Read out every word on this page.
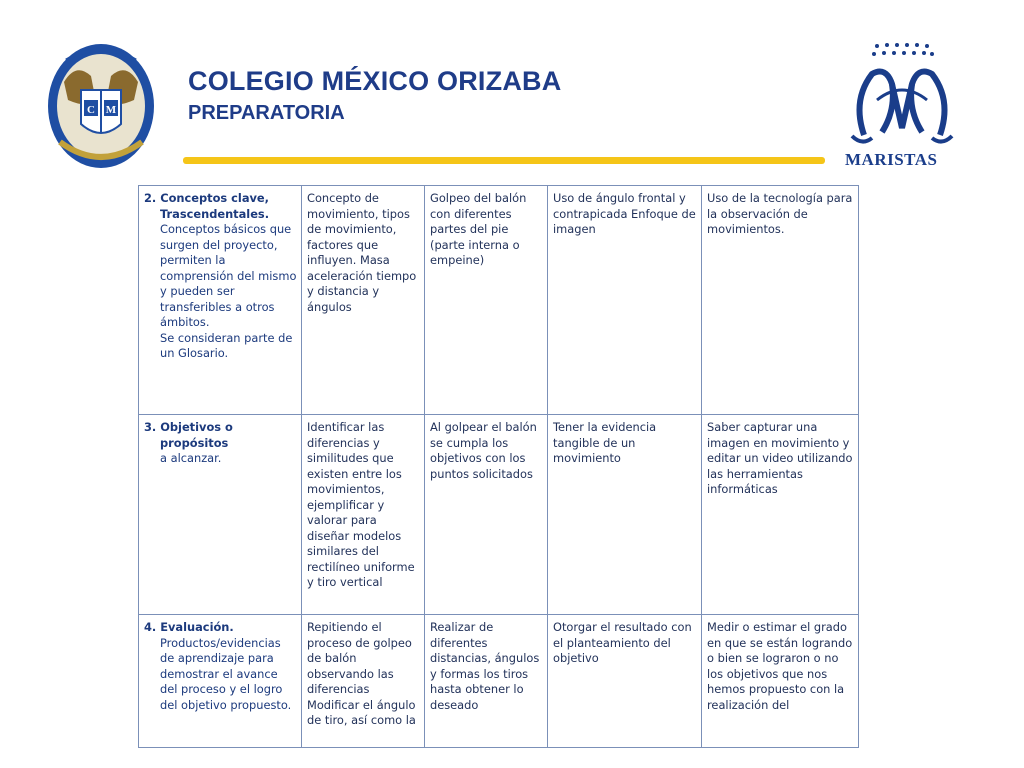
C M
COLEGIO MÉXICO ORIZABA
PREPARATORIA
MARISTAS
2. Conceptos clave,
Trascendentales.
Conceptos básicos que surgen del proyecto, permiten la comprensión del mismo y pueden ser transferibles a otros ámbitos.
Se consideran parte de un Glosario.	Concepto de movimiento, tipos de movimiento, factores que influyen. Masa aceleración tiempo y distancia y ángulos	Golpeo del balón con diferentes partes del pie (parte interna o empeine)	Uso de ángulo frontal y contrapicada Enfoque de imagen	Uso de la tecnología para la observación de movimientos.

3. Objetivos o
propósitos
a alcanzar.	Identificar las diferencias y similitudes que existen entre los movimientos, ejemplificar y valorar para diseñar modelos similares del rectilíneo uniforme y tiro vertical	Al golpear el balón se cumpla los objetivos con los puntos solicitados	Tener la evidencia tangible de un movimiento	Saber capturar una imagen en movimiento y editar un video utilizando las herramientas informáticas

4. Evaluación.
Productos/evidencias de aprendizaje para demostrar el avance del proceso y el logro del objetivo propuesto.	Repitiendo el proceso de golpeo de balón observando las diferencias Modificar el ángulo de tiro, así como la	Realizar de diferentes distancias, ángulos y formas los tiros hasta obtener lo deseado	Otorgar el resultado con el planteamiento del objetivo	Medir o estimar el grado en que se están logrando o bien se lograron o no los objetivos que nos hemos propuesto con la realización del
